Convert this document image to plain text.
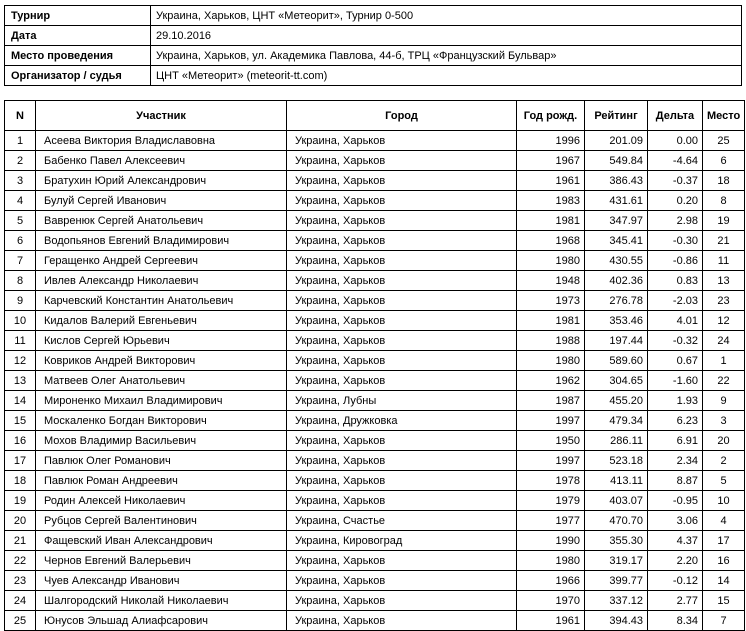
Турнир	Украина, Харьков, ЦНТ «Метеорит», Турнир 0-500
Дата	29.10.2016
Место проведения	Украина, Харьков, ул. Академика Павлова, 44-б, ТРЦ «Французский Бульвар»
Организатор / судья	ЦНТ «Метеорит» (meteorit-tt.com)
N	Участник	Город	Год рожд.	Рейтинг	Дельта	Место
1	Асеева Виктория Владиславовна	Украина, Харьков	1996	201.09	0.00	25
2	Бабенко Павел Алексеевич	Украина, Харьков	1967	549.84	-4.64	6
3	Братухин Юрий Александрович	Украина, Харьков	1961	386.43	-0.37	18
4	Булуй Сергей Иванович	Украина, Харьков	1983	431.61	0.20	8
5	Вавренюк Сергей Анатольевич	Украина, Харьков	1981	347.97	2.98	19
6	Водопьянов Евгений Владимирович	Украина, Харьков	1968	345.41	-0.30	21
7	Геращенко Андрей Сергеевич	Украина, Харьков	1980	430.55	-0.86	11
8	Ивлев Александр Николаевич	Украина, Харьков	1948	402.36	0.83	13
9	Карчевский Константин Анатольевич	Украина, Харьков	1973	276.78	-2.03	23
10	Кидалов Валерий Евгеньевич	Украина, Харьков	1981	353.46	4.01	12
11	Кислов Сергей Юрьевич	Украина, Харьков	1988	197.44	-0.32	24
12	Ковриков Андрей Викторович	Украина, Харьков	1980	589.60	0.67	1
13	Матвеев Олег Анатольевич	Украина, Харьков	1962	304.65	-1.60	22
14	Мироненко Михаил Владимирович	Украина, Лубны	1987	455.20	1.93	9
15	Москаленко Богдан Викторович	Украина, Дружковка	1997	479.34	6.23	3
16	Мохов Владимир Васильевич	Украина, Харьков	1950	286.11	6.91	20
17	Павлюк Олег Романович	Украина, Харьков	1997	523.18	2.34	2
18	Павлюк Роман Андреевич	Украина, Харьков	1978	413.11	8.87	5
19	Родин Алексей Николаевич	Украина, Харьков	1979	403.07	-0.95	10
20	Рубцов Сергей Валентинович	Украина, Счастье	1977	470.70	3.06	4
21	Фащевский Иван Александрович	Украина, Кировоград	1990	355.30	4.37	17
22	Чернов Евгений Валерьевич	Украина, Харьков	1980	319.17	2.20	16
23	Чуев Александр Иванович	Украина, Харьков	1966	399.77	-0.12	14
24	Шалгородский Николай Николаевич	Украина, Харьков	1970	337.12	2.77	15
25	Юнусов Эльшад Алиафсарович	Украина, Харьков	1961	394.43	8.34	7
